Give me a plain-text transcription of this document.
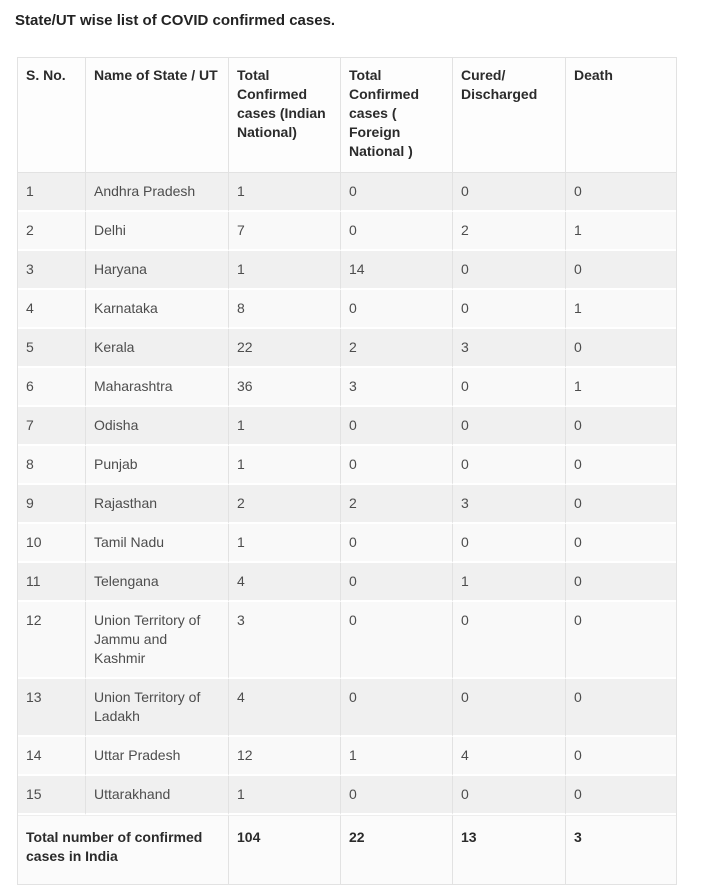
State/UT wise list of COVID confirmed cases.

S. No.	Name of State / UT	Total Confirmed cases (Indian National)	Total Confirmed cases ( Foreign National )	Cured/ Discharged	Death
1	Andhra Pradesh	1	0	0	0
2	Delhi	7	0	2	1
3	Haryana	1	14	0	0
4	Karnataka	8	0	0	1
5	Kerala	22	2	3	0
6	Maharashtra	36	3	0	1
7	Odisha	1	0	0	0
8	Punjab	1	0	0	0
9	Rajasthan	2	2	3	0
10	Tamil Nadu	1	0	0	0
11	Telengana	4	0	1	0
12	Union Territory of Jammu and Kashmir	3	0	0	0
13	Union Territory of Ladakh	4	0	0	0
14	Uttar Pradesh	12	1	4	0
15	Uttarakhand	1	0	0	0
Total number of confirmed cases in India		104	22	13	3
